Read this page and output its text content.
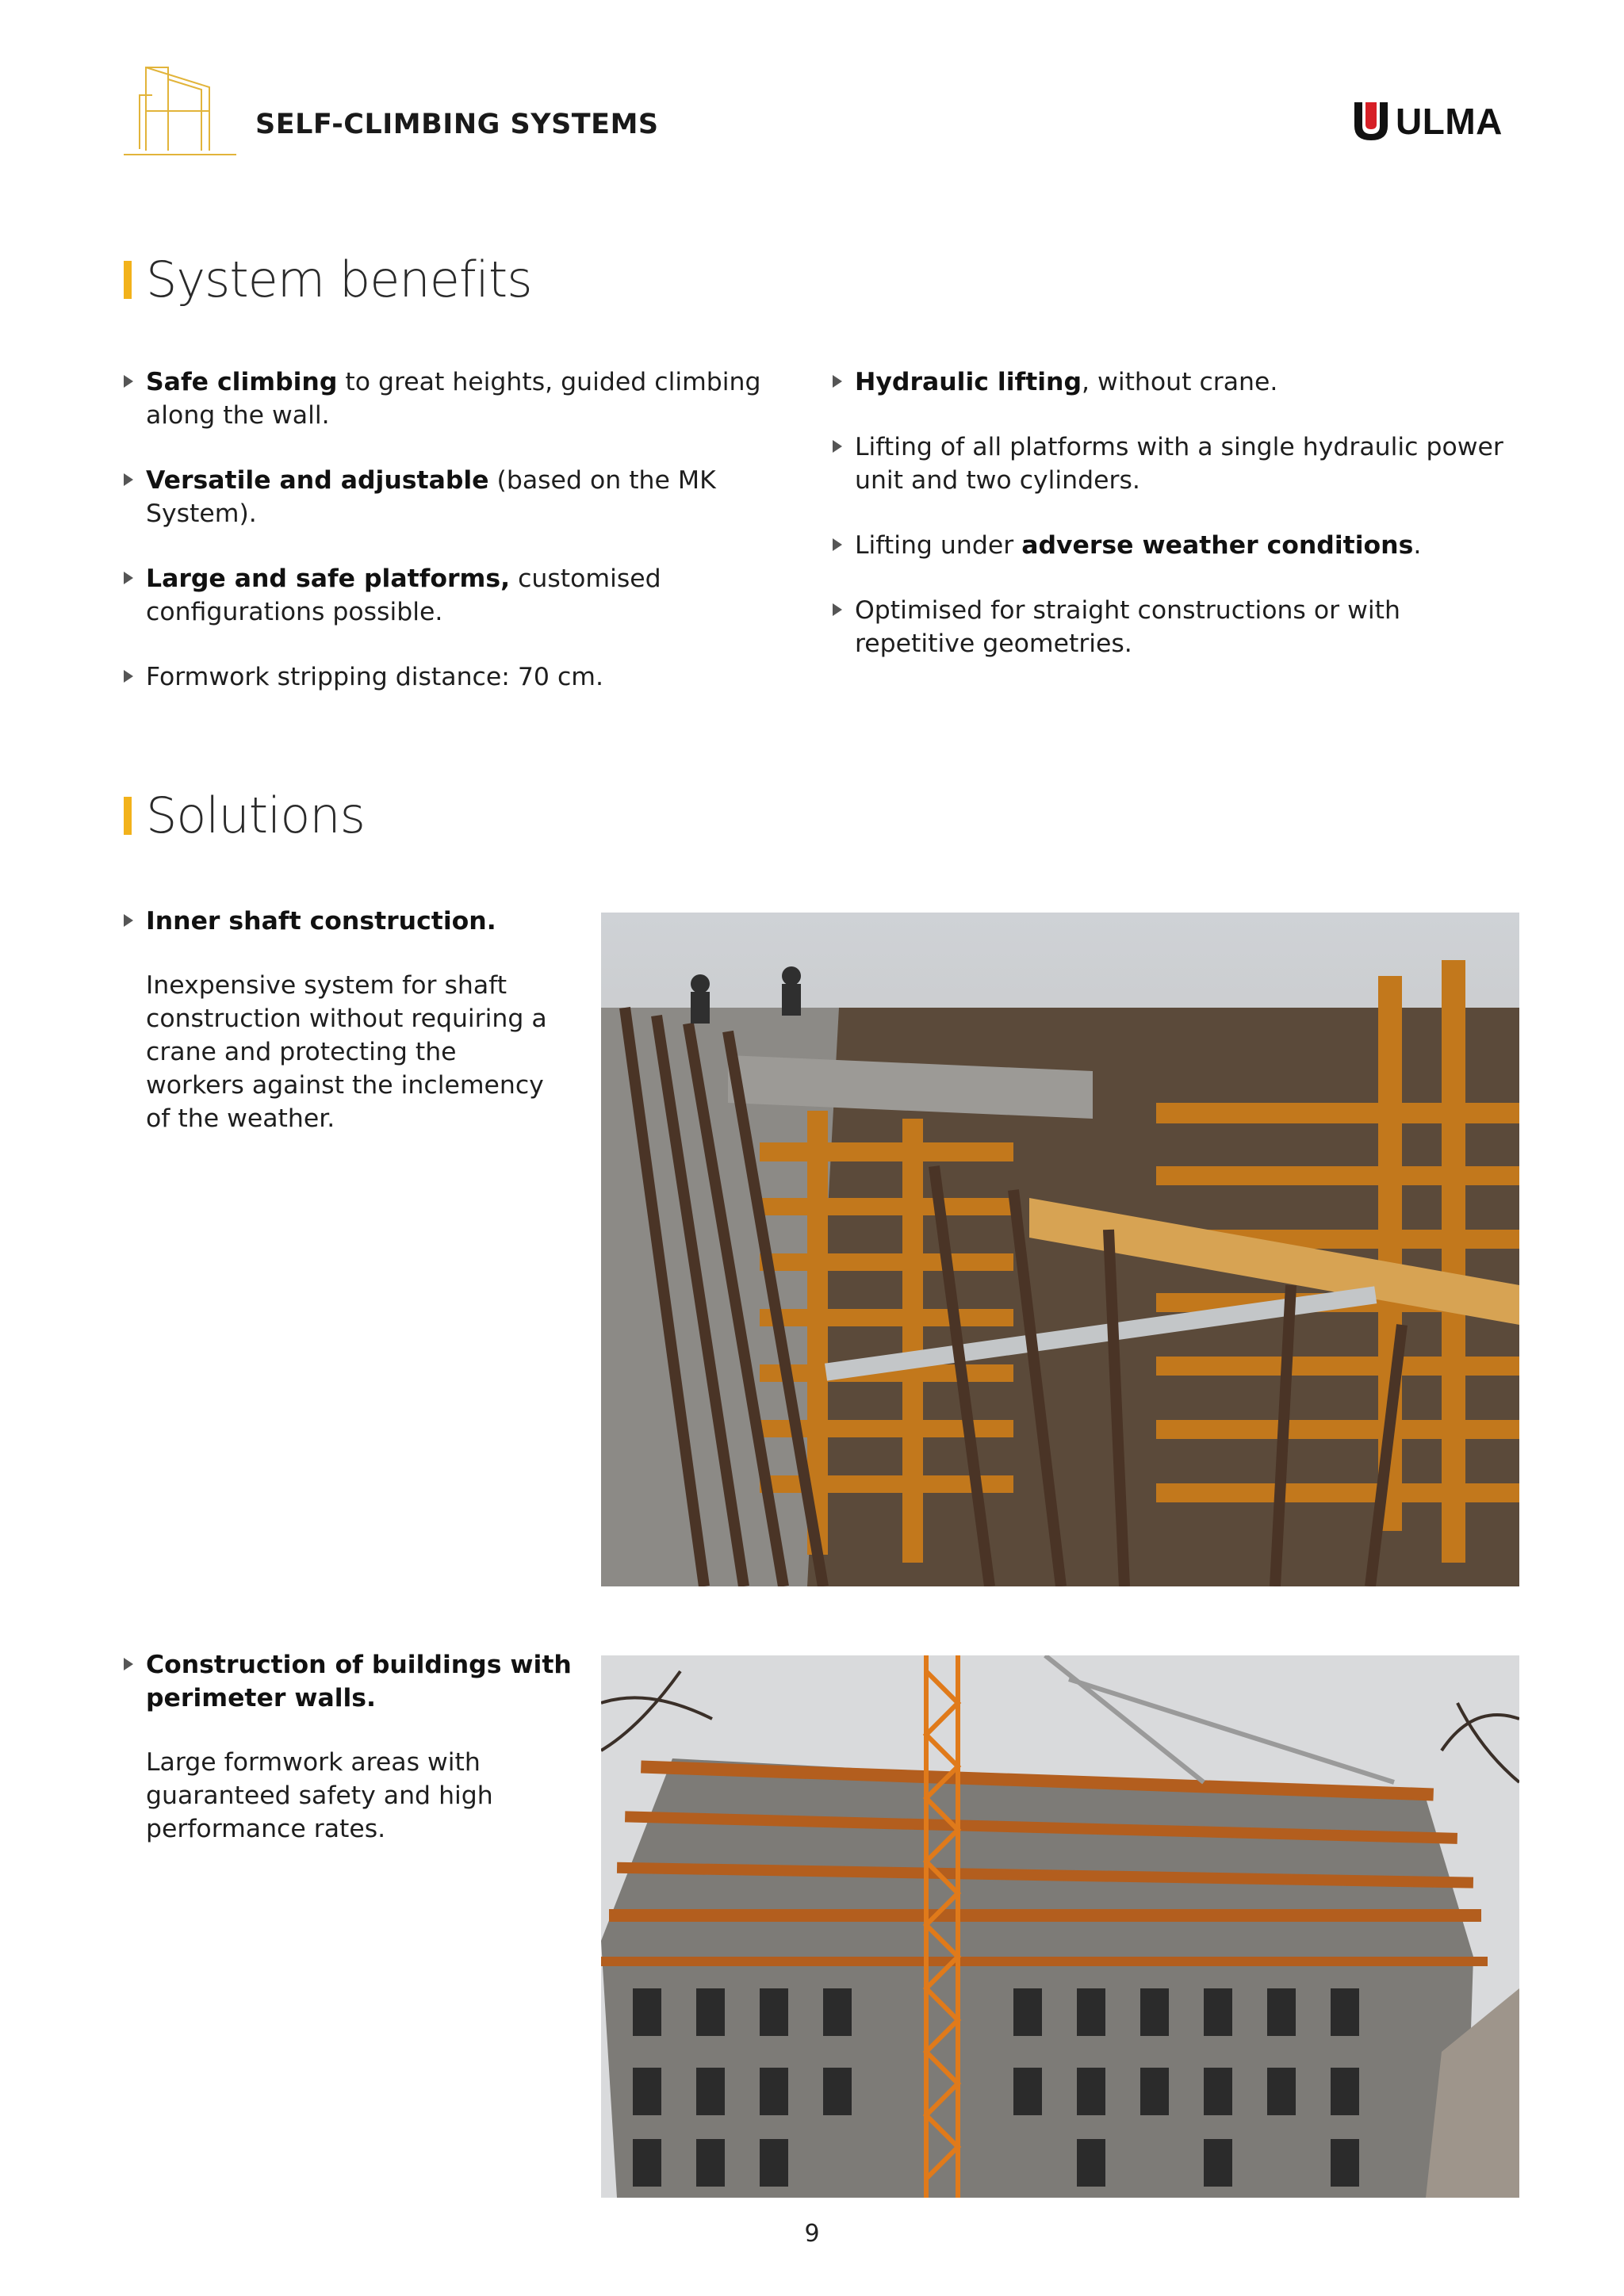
SELF-CLIMBING SYSTEMS	ULMA
System benefits
Safe climbing to great heights, guided climbing along the wall.
Versatile and adjustable (based on the MK System).
Large and safe platforms, customised configurations possible.
Formwork stripping distance: 70 cm.
Hydraulic lifting, without crane.
Lifting of all platforms with a single hydraulic power unit and two cylinders.
Lifting under adverse weather conditions.
Optimised for straight constructions or with repetitive geometries.
Solutions
Inner shaft construction.
Inexpensive system for shaft construction without requiring a crane and protecting the workers against the inclemency of the weather.
Construction of buildings with perimeter walls.
Large formwork areas with guaranteed safety and high performance rates.
9
